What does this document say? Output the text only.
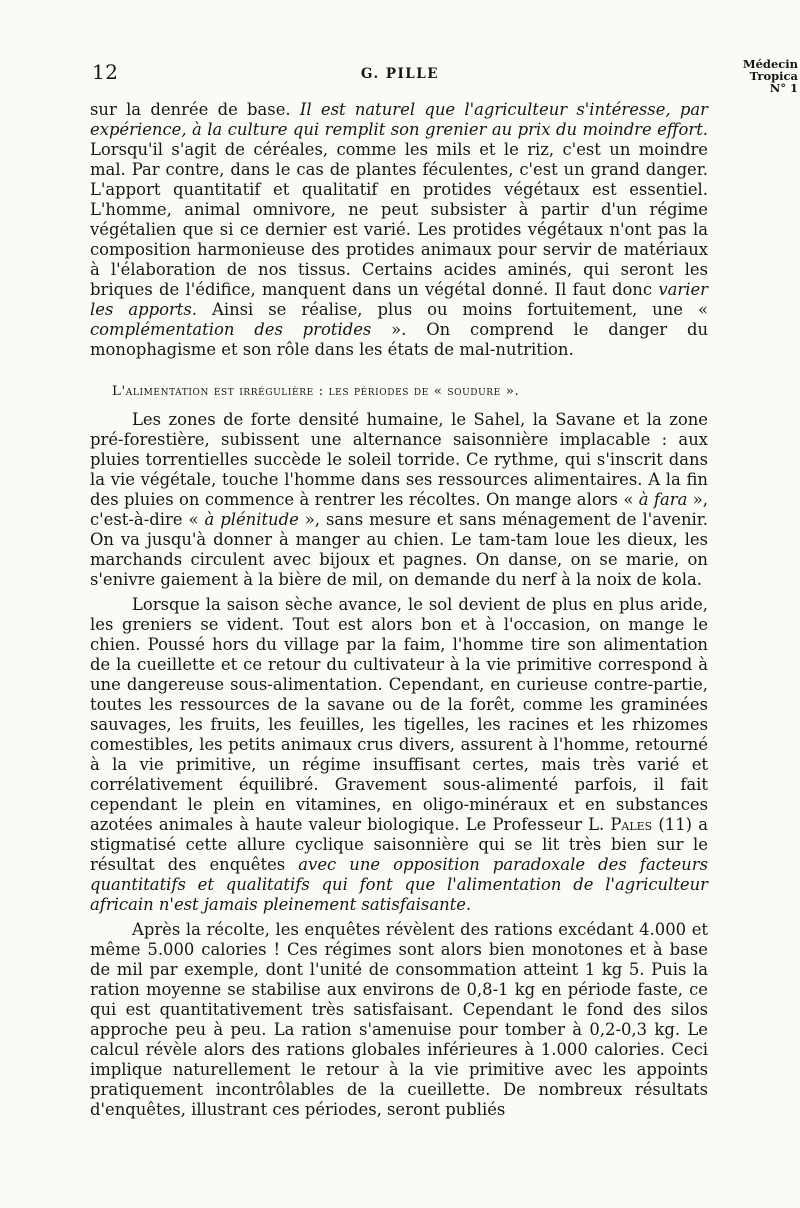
12	G. PILLE
Médecin
Tropica
N° 1

sur la denrée de base. Il est naturel que l'agriculteur s'intéresse, par expérience, à la culture qui remplit son grenier au prix du moindre effort. Lorsqu'il s'agit de céréales, comme les mils et le riz, c'est un moindre mal. Par contre, dans le cas de plantes féculentes, c'est un grand danger. L'apport quantitatif et qualitatif en protides végétaux est essentiel. L'homme, animal omnivore, ne peut subsister à partir d'un régime végétalien que si ce dernier est varié. Les protides végétaux n'ont pas la composition harmonieuse des protides animaux pour servir de matériaux à l'élaboration de nos tissus. Certains acides aminés, qui seront les briques de l'édifice, manquent dans un végétal donné. Il faut donc varier les apports. Ainsi se réalise, plus ou moins fortuitement, une « complémentation des protides ». On comprend le danger du monophagisme et son rôle dans les états de mal-nutrition.

L'alimentation est irrégulière : les périodes de « soudure ».

Les zones de forte densité humaine, le Sahel, la Savane et la zone pré-forestière, subissent une alternance saisonnière implacable : aux pluies torrentielles succède le soleil torride. Ce rythme, qui s'inscrit dans la vie végétale, touche l'homme dans ses ressources alimentaires. A la fin des pluies on commence à rentrer les récoltes. On mange alors « à fara », c'est-à-dire « à plénitude », sans mesure et sans ménagement de l'avenir. On va jusqu'à donner à manger au chien. Le tam-tam loue les dieux, les marchands circulent avec bijoux et pagnes. On danse, on se marie, on s'enivre gaiement à la bière de mil, on demande du nerf à la noix de kola.

Lorsque la saison sèche avance, le sol devient de plus en plus aride, les greniers se vident. Tout est alors bon et à l'occasion, on mange le chien. Poussé hors du village par la faim, l'homme tire son alimentation de la cueillette et ce retour du cultivateur à la vie primitive correspond à une dangereuse sous-alimentation. Cependant, en curieuse contre-partie, toutes les ressources de la savane ou de la forêt, comme les graminées sauvages, les fruits, les feuilles, les tigelles, les racines et les rhizomes comestibles, les petits animaux crus divers, assurent à l'homme, retourné à la vie primitive, un régime insuffisant certes, mais très varié et corrélativement équilibré. Gravement sous-alimenté parfois, il fait cependant le plein en vitamines, en oligo-minéraux et en substances azotées animales à haute valeur biologique. Le Professeur L. Pales (11) a stigmatisé cette allure cyclique saisonnière qui se lit très bien sur le résultat des enquêtes avec une opposition paradoxale des facteurs quantitatifs et qualitatifs qui font que l'alimentation de l'agriculteur africain n'est jamais pleinement satisfaisante.

Après la récolte, les enquêtes révèlent des rations excédant 4.000 et même 5.000 calories ! Ces régimes sont alors bien monotones et à base de mil par exemple, dont l'unité de consommation atteint 1 kg 5. Puis la ration moyenne se stabilise aux environs de 0,8-1 kg en période faste, ce qui est quantitativement très satisfaisant. Cependant le fond des silos approche peu à peu. La ration s'amenuise pour tomber à 0,2-0,3 kg. Le calcul révèle alors des rations globales inférieures à 1.000 calories. Ceci implique naturellement le retour à la vie primitive avec les appoints pratiquement incontrôlables de la cueillette. De nombreux résultats d'enquêtes, illustrant ces périodes, seront publiés
